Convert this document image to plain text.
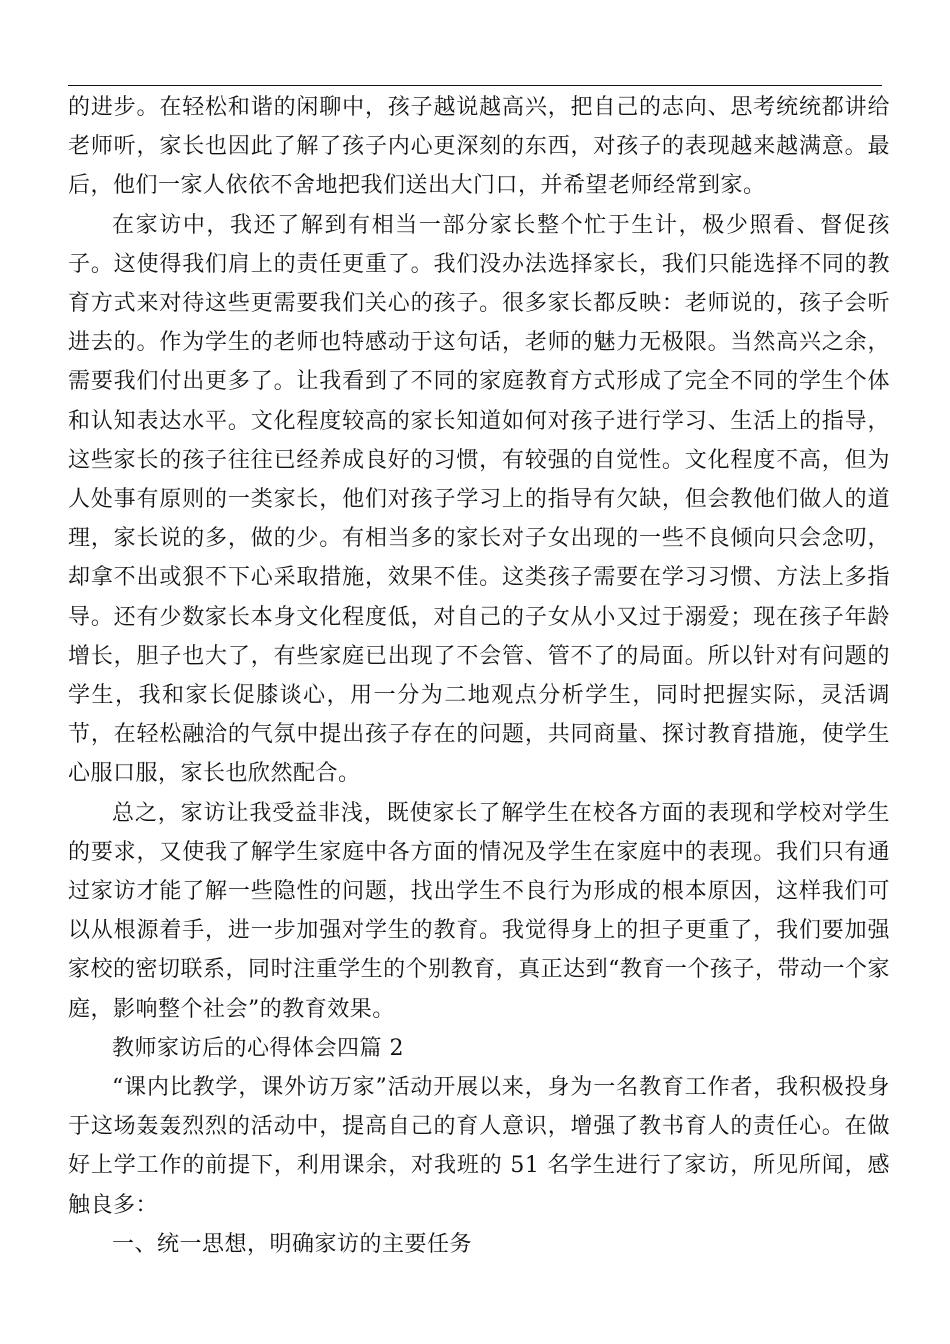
的进步。在轻松和谐的闲聊中，孩子越说越高兴，把自己的志向、思考统统都讲给老师听，家长也因此了解了孩子内心更深刻的东西，对孩子的表现越来越满意。最后，他们一家人依依不舍地把我们送出大门口，并希望老师经常到家。

在家访中，我还了解到有相当一部分家长整个忙于生计，极少照看、督促孩子。这使得我们肩上的责任更重了。我们没办法选择家长，我们只能选择不同的教育方式来对待这些更需要我们关心的孩子。很多家长都反映：老师说的，孩子会听进去的。作为学生的老师也特感动于这句话，老师的魅力无极限。当然高兴之余，需要我们付出更多了。让我看到了不同的家庭教育方式形成了完全不同的学生个体和认知表达水平。文化程度较高的家长知道如何对孩子进行学习、生活上的指导，这些家长的孩子往往已经养成良好的习惯，有较强的自觉性。文化程度不高，但为人处事有原则的一类家长，他们对孩子学习上的指导有欠缺，但会教他们做人的道理，家长说的多，做的少。有相当多的家长对子女出现的一些不良倾向只会念叨，却拿不出或狠不下心采取措施，效果不佳。这类孩子需要在学习习惯、方法上多指导。还有少数家长本身文化程度低，对自己的子女从小又过于溺爱；现在孩子年龄增长，胆子也大了，有些家庭已出现了不会管、管不了的局面。所以针对有问题的学生，我和家长促膝谈心，用一分为二地观点分析学生，同时把握实际，灵活调节，在轻松融洽的气氛中提出孩子存在的问题，共同商量、探讨教育措施，使学生心服口服，家长也欣然配合。

总之，家访让我受益非浅，既使家长了解学生在校各方面的表现和学校对学生的要求，又使我了解学生家庭中各方面的情况及学生在家庭中的表现。我们只有通过家访才能了解一些隐性的问题，找出学生不良行为形成的根本原因，这样我们可以从根源着手，进一步加强对学生的教育。我觉得身上的担子更重了，我们要加强家校的密切联系，同时注重学生的个别教育，真正达到“教育一个孩子，带动一个家庭，影响整个社会”的教育效果。

教师家访后的心得体会四篇 2

“课内比教学，课外访万家”活动开展以来，身为一名教育工作者，我积极投身于这场轰轰烈烈的活动中，提高自己的育人意识，增强了教书育人的责任心。在做好上学工作的前提下，利用课余，对我班的 51 名学生进行了家访，所见所闻，感触良多：

一、统一思想，明确家访的主要任务
